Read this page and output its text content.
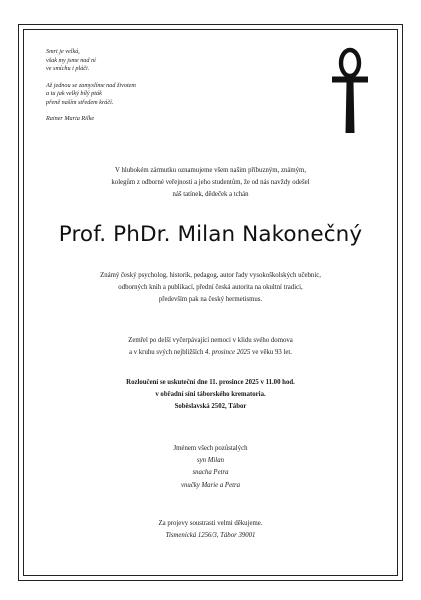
Smrt je velká,
však my jsme nad ní
ve smíchu i pláči.
Až jednou se zamyslíme nad životem
a tu jak velký bílý pták
přeně naším středem kráčí.
Rainer Maria Rilke
V hlubokém zármutku oznamujeme všem našim příbuzným, známým,
kolegům z odborné veřejnosti a jeho studentům, že od nás navždy odešel
náš tatínek, dědeček a tchán
Prof. PhDr. Milan Nakonečný
Známý český psycholog, historik, pedagog, autor řady vysokoškolských učebnic,
odborných knih a publikací, přední česká autorita na okultní tradici,
především pak na český hermetismus.
Zemřel po delší vyčerpávající nemoci v klidu svého domova
a v kruhu svých nejbližších 4. prosince 2025 ve věku 93 let.
Rozloučení se uskuteční dne 11. prosince 2025 v 11.00 hod.
v obřadní síni táborského krematoria.
Soběslavská 2502, Tábor
Jménem všech pozůstalých
syn Milan
snacha Petra
vnučky Marie a Petra
Za projevy soustrasti velmi děkujeme.
Tismenická 1256/3, Tábor 39001
